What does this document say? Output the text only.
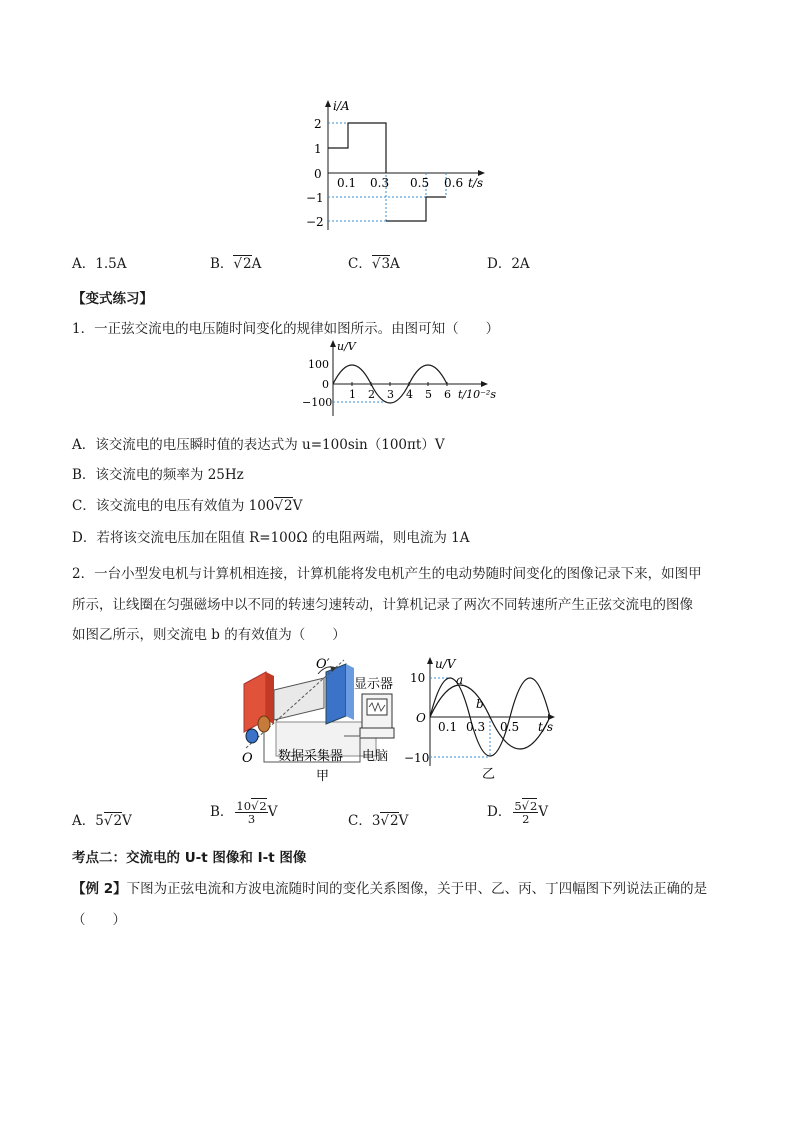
i/A
2
1
0
−1
−2
0.1 0.3 0.5 0.6 t/s
A．1.5A	B． √ 2A	C． √ 3A	D．2A
【变式练习】
1．一正弦交流电的电压随时间变化的规律如图所示。由图可知（　　）
u/V
100
0
−100
1 2 3 4 5 6 t/10⁻²s
A．该交流电的电压瞬时值的表达式为 u=100sin（100πt）V
B．该交流电的频率为 25Hz
C．该交流电的电压有效值为 100 √ 2V
D．若将该交流电压加在阻值 R=100Ω 的电阻两端，则电流为 1A
2．一台小型发电机与计算机相连接，计算机能将发电机产生的电动势随时间变化的图像记录下来，如图甲
所示，让线圈在匀强磁场中以不同的转速匀速转动，计算机记录了两次不同转速所产生正弦交流电的图像
如图乙所示，则交流电 b 的有效值为（　　）
O′
显示器
O 数据采集器 电脑
甲
u/V
10
O
−10
0.1 0.3 0.5 t/s
a
b
乙
A．5 √ 2V
B． $\frac{10 √ 2}{3}$ V
C．3 √ 2V
D． $\frac{5 √ 2}{2}$ V
考点二：交流电的 U-t 图像和 I-t 图像
【例 2】下图为正弦电流和方波电流随时间的变化关系图像，关于甲、乙、丙、丁四幅图下列说法正确的是
（　　）
